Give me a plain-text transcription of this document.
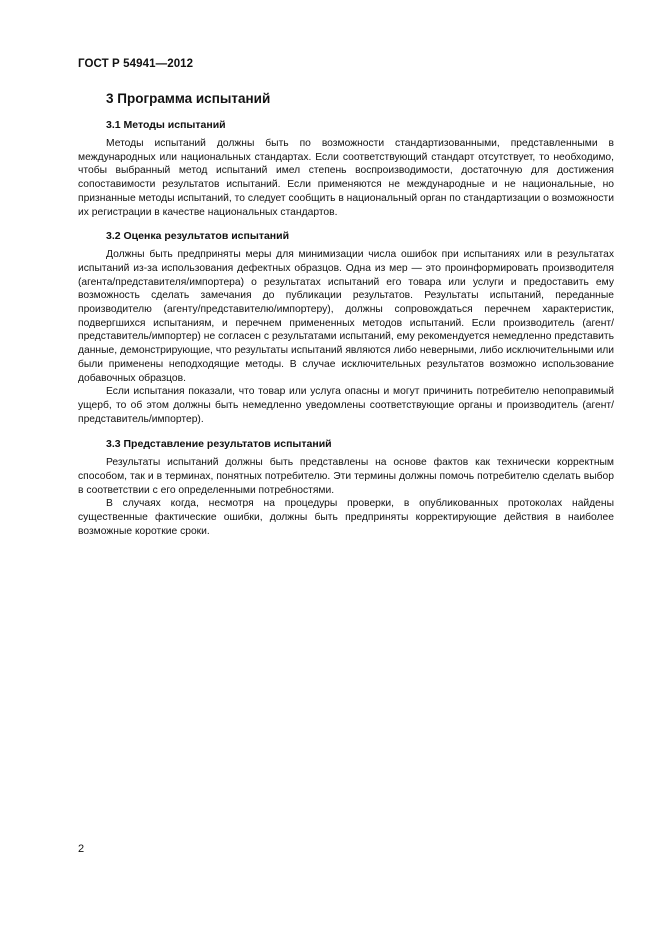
ГОСТ Р 54941—2012
3 Программа испытаний
3.1 Методы испытаний

Методы испытаний должны быть по возможности стандартизованными, представленными в международных или национальных стандартах. Если соответствующий стандарт отсутствует, то необходимо, чтобы выбранный метод испытаний имел степень воспроизводимости, достаточную для достижения сопоставимости результатов испытаний. Если применяются не международные и не национальные, но признанные методы испытаний, то следует сообщить в национальный орган по стандартизации о возможности их регистрации в качестве национальных стандартов.

3.2 Оценка результатов испытаний

Должны быть предприняты меры для минимизации числа ошибок при испытаниях или в результатах испытаний из-за использования дефектных образцов. Одна из мер — это проинформировать производителя (агента/представителя/импортера) о результатах испытаний его товара или услуги и предоставить ему возможность сделать замечания до публикации результатов. Результаты испытаний, переданные производителю (агенту/представителю/импортеру), должны сопровождаться перечнем характеристик, подвергшихся испытаниям, и перечнем примененных методов испытаний. Если производитель (агент/представитель/импортер) не согласен с результатами испытаний, ему рекомендуется немедленно представить данные, демонстрирующие, что результаты испытаний являются либо неверными, либо исключительными или были применены неподходящие методы. В случае исключительных результатов возможно использование добавочных образцов.

Если испытания показали, что товар или услуга опасны и могут причинить потребителю непоправимый ущерб, то об этом должны быть немедленно уведомлены соответствующие органы и производитель (агент/представитель/импортер).

3.3 Представление результатов испытаний

Результаты испытаний должны быть представлены на основе фактов как технически корректным способом, так и в терминах, понятных потребителю. Эти термины должны помочь потребителю сделать выбор в соответствии с его определенными потребностями.

В случаях когда, несмотря на процедуры проверки, в опубликованных протоколах найдены существенные фактические ошибки, должны быть предприняты корректирующие действия в наиболее возможные короткие сроки.

2
